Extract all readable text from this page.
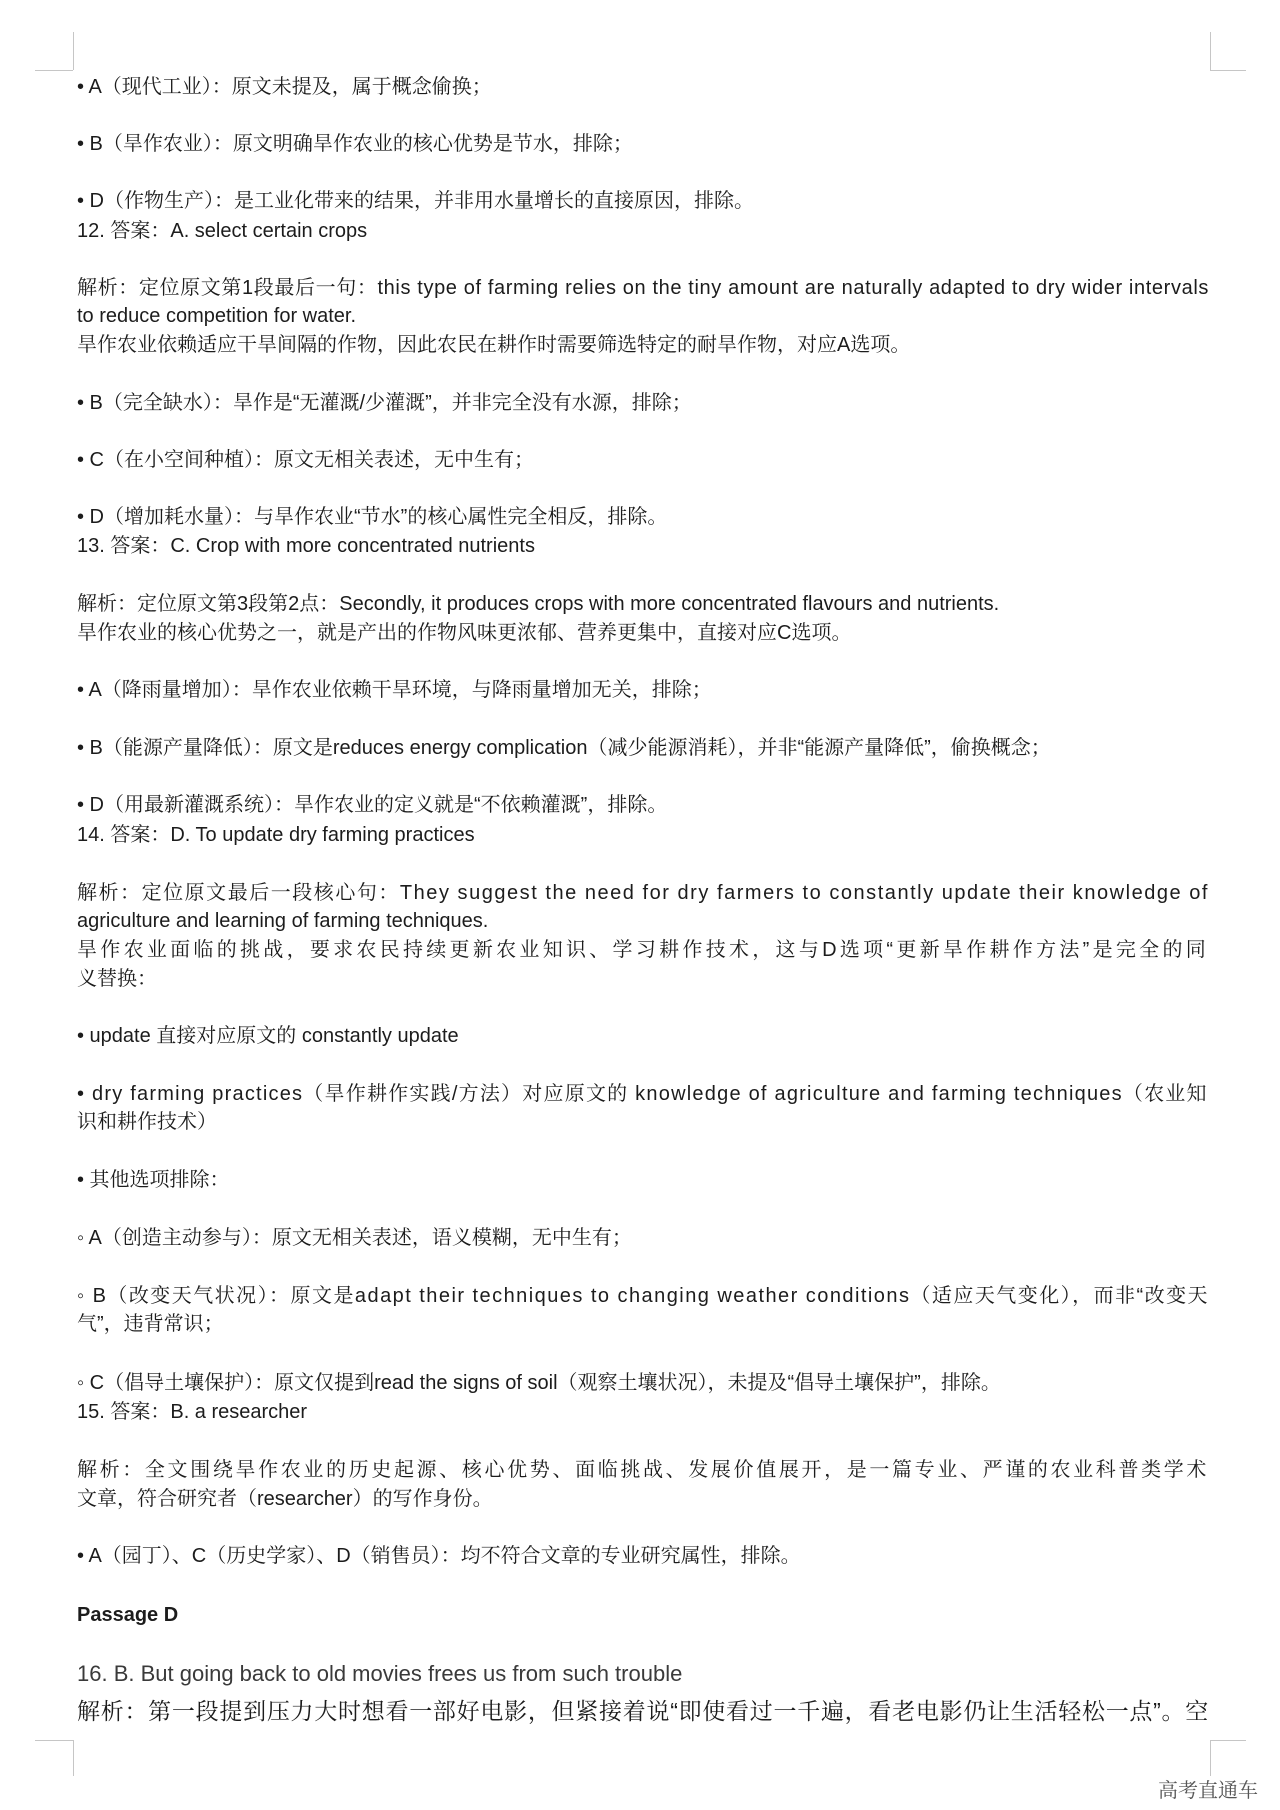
• A（现代工业）：原文未提及，属于概念偷换；
• B（旱作农业）：原文明确旱作农业的核心优势是节水，排除；
• D（作物生产）：是工业化带来的结果，并非用水量增长的直接原因，排除。
12. 答案：A. select certain crops
解析：定位原文第1段最后一句：this type of farming relies on the tiny amount are naturally adapted to dry wider intervals
to reduce competition for water.
旱作农业依赖适应干旱间隔的作物，因此农民在耕作时需要筛选特定的耐旱作物，对应A选项。
• B（完全缺水）：旱作是“无灌溉/少灌溉”，并非完全没有水源，排除；
• C（在小空间种植）：原文无相关表述，无中生有；
• D（增加耗水量）：与旱作农业“节水”的核心属性完全相反，排除。
13. 答案：C. Crop with more concentrated nutrients
解析：定位原文第3段第2点：Secondly, it produces crops with more concentrated flavours and nutrients.
旱作农业的核心优势之一，就是产出的作物风味更浓郁、营养更集中，直接对应C选项。
• A（降雨量增加）：旱作农业依赖干旱环境，与降雨量增加无关，排除；
• B（能源产量降低）：原文是reduces energy complication（减少能源消耗），并非“能源产量降低”，偷换概念；
• D（用最新灌溉系统）：旱作农业的定义就是“不依赖灌溉”，排除。
14. 答案：D. To update dry farming practices
解析：定位原文最后一段核心句：They suggest the need for dry farmers to constantly update their knowledge of
agriculture and learning of farming techniques.
旱作农业面临的挑战，要求农民持续更新农业知识、学习耕作技术，这与D选项“更新旱作耕作方法”是完全的同
义替换：
• update 直接对应原文的 constantly update
• dry farming practices（旱作耕作实践/方法）对应原文的 knowledge of agriculture and farming techniques（农业知
识和耕作技术）
• 其他选项排除：
◦ A（创造主动参与）：原文无相关表述，语义模糊，无中生有；
◦ B（改变天气状况）：原文是adapt their techniques to changing weather conditions（适应天气变化），而非“改变天
气”，违背常识；
◦ C（倡导土壤保护）：原文仅提到read the signs of soil（观察土壤状况），未提及“倡导土壤保护”，排除。
15. 答案：B. a researcher
解析：全文围绕旱作农业的历史起源、核心优势、面临挑战、发展价值展开，是一篇专业、严谨的农业科普类学术
文章，符合研究者（researcher）的写作身份。
• A（园丁）、C（历史学家）、D（销售员）：均不符合文章的专业研究属性，排除。
Passage D
16. B. But going back to old movies frees us from such trouble
解析：第一段提到压力大时想看一部好电影，但紧接着说“即使看过一千遍，看老电影仍让生活轻松一点”。空
高考直通车
